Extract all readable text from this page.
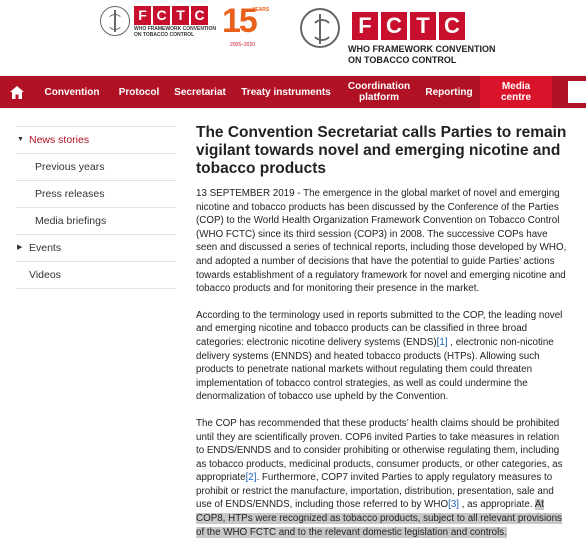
F C T C
WHO FRAMEWORK CONVENTION
ON TOBACCO CONTROL 15
YEARS
2005–2020
F C T C
WHO FRAMEWORK CONVENTION
ON TOBACCO CONTROL
Convention	Protocol	Secretariat	Treaty instruments	Coordination platform	Reporting	Media centre
▼ News stories
Previous years
Press releases
Media briefings
▶ Events
Videos
The Convention Secretariat calls Parties to remain vigilant towards novel and emerging nicotine and tobacco products

13 SEPTEMBER 2019 - The emergence in the global market of novel and emerging nicotine and tobacco products has been discussed by the Conference of the Parties (COP) to the World Health Organization Framework Convention on Tobacco Control (WHO FCTC) since its third session (COP3) in 2008. The successive COPs have seen and discussed a series of technical reports, including those developed by WHO, and adopted a number of decisions that have the potential to guide Parties’ actions towards establishment of a regulatory framework for novel and emerging nicotine and tobacco products and for monitoring their presence in the market.

According to the terminology used in reports submitted to the COP, the leading novel and emerging nicotine and tobacco products can be classified in three broad categories: electronic nicotine delivery systems (ENDS)[1] , electronic non-nicotine delivery systems (ENNDS) and heated tobacco products (HTPs). Allowing such products to penetrate national markets without regulating them could threaten implementation of tobacco control strategies, as well as could undermine the denormalization of tobacco use upheld by the Convention.

The COP has recommended that these products’ health claims should be prohibited until they are scientifically proven. COP6 invited Parties to take measures in relation to ENDS/ENNDS and to consider prohibiting or otherwise regulating them, including as tobacco products, medicinal products, consumer products, or other categories, as appropriate[2]. Furthermore, COP7 invited Parties to apply regulatory measures to prohibit or restrict the manufacture, importation, distribution, presentation, sale and use of ENDS/ENNDS, including those referred to by WHO[3] , as appropriate. At COP8, HTPs were recognized as tobacco products, subject to all relevant provisions of the WHO FCTC and to the relevant domestic legislation and controls.
